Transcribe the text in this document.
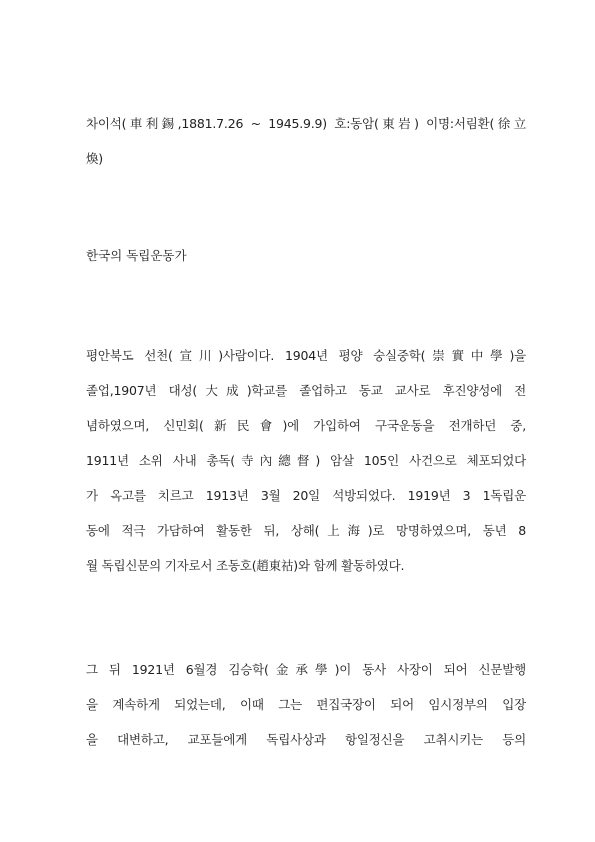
차이석(車利錫,1881.7.26 ~ 1945.9.9) 호:동암(東岩) 이명:서림환(徐立
煥)
한국의 독립운동가
평안북도 선천(宣川)사람이다. 1904년 평양 숭실중학(崇實中學)을
졸업,1907년 대성(大成)학교를 졸업하고 동교 교사로 후진양성에 전
념하였으며, 신민회(新民會)에 가입하여 구국운동을 전개하던 중,
1911년 소위 사내 총독(寺內總督) 암살 105인 사건으로 체포되었다
가 옥고를 치르고 1913년 3월 20일 석방되었다. 1919년 3 1독립운
동에 적극 가담하여 활동한 뒤, 상해(上海)로 망명하였으며, 동년 8
월 독립신문의 기자로서 조동호(趙東祜)와 함께 활동하였다.
그 뒤 1921년 6월경 김승학(金承學)이 동사 사장이 되어 신문발행
을 계속하게 되었는데, 이때 그는 편집국장이 되어 임시정부의 입장
을 대변하고, 교포들에게 독립사상과 항일정신을 고취시키는 등의
